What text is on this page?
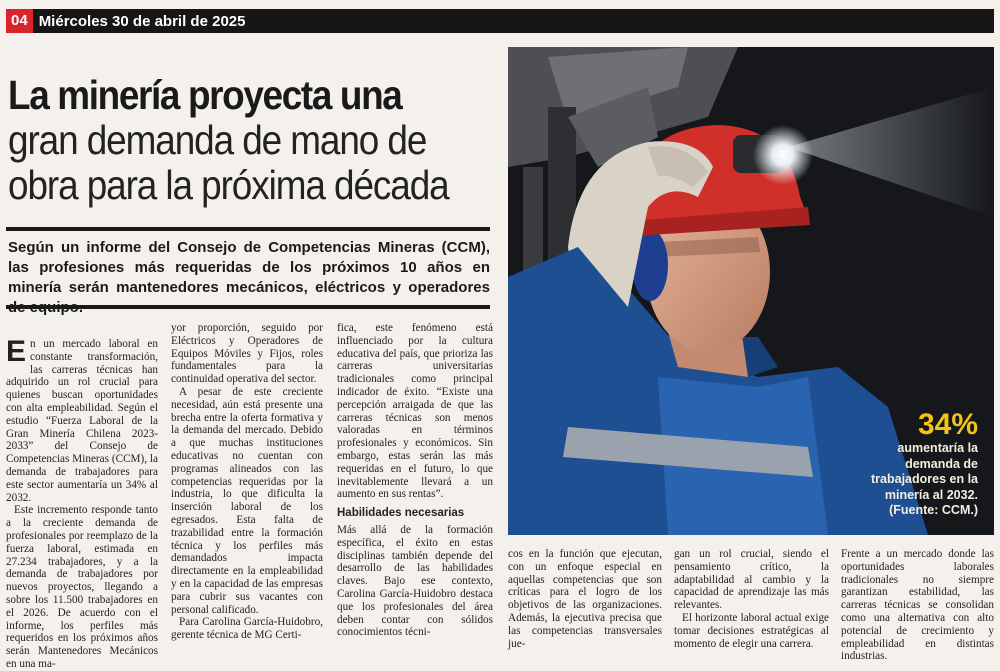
04 Miércoles 30 de abril de 2025
La minería proyecta una
gran demanda de mano de
obra para la próxima década
Según un informe del Consejo de Competencias Mineras (CCM), las profesiones más requeridas de los próximos 10 años en minería serán mantenedores mecánicos, eléctricos y operadores

En un mercado laboral en constante transformación, las carreras técnicas han adquirido un rol crucial para quienes buscan oportunidades con alta empleabilidad. Según el estudio “Fuerza Laboral de la Gran Minería Chilena 2023-2033” del Consejo de Competencias Mineras (CCM), la demanda de trabajadores para este sector aumentaría un 34% al 2032.

Este incremento responde tanto a la creciente demanda de profesionales por reemplazo de la fuerza laboral, estimada en 27.234 trabajadores, y a la demanda de trabajadores por nuevos proyectos, llegando a sobre los 11.500 trabajadores en el 2026. De acuerdo con el informe, los perfiles más requeridos en los próximos años serán Mantenedores Mecánicos en una ma-

yor proporción, seguido por Eléctricos y Operadores de Equipos Móviles y Fijos, roles fundamentales para la continuidad operativa del sector.

A pesar de este creciente necesidad, aún está presente una brecha entre la oferta formativa y la demanda del mercado. Debido a que muchas instituciones educativas no cuentan con programas alineados con las competencias requeridas por la industria, lo que dificulta la inserción laboral de los egresados. Esta falta de trazabilidad entre la formación técnica y los perfiles más demandados impacta directamente en la empleabilidad y en la capacidad de las empresas para cubrir sus vacantes con personal calificado.

Para Carolina García-Huidobro, gerente técnica de MG Certi-

fica, este fenómeno está influenciado por la cultura educativa del país, que prioriza las carreras universitarias tradicionales como principal indicador de éxito. “Existe una percepción arraigada de que las carreras técnicas son menos valoradas en términos profesionales y económicos. Sin embargo, estas serán las más requeridas en el futuro, lo que inevitablemente llevará a un aumento en sus rentas”.

Habilidades necesarias

Más allá de la formación específica, el éxito en estas disciplinas también depende del desarrollo de las habilidades claves. Bajo ese contexto, Carolina García-Huidobro destaca que los profesionales del área deben contar con sólidos conocimientos técni-

34%
aumentaría la
demanda de
trabajadores en la
minería al 2032.
(Fuente: CCM.)

cos en la función que ejecutan, con un enfoque especial en aquellas competencias que son críticas para el logro de los objetivos de las organizaciones. Además, la ejecutiva precisa que las competencias transversales jue-

gan un rol crucial, siendo el pensamiento crítico, la adaptabilidad al cambio y la capacidad de aprendizaje las más relevantes.

El horizonte laboral actual exige tomar decisiones estratégicas al momento de elegir una carrera.

Frente a un mercado donde las oportunidades laborales tradicionales no siempre garantizan estabilidad, las carreras técnicas se consolidan como una alternativa con alto potencial de crecimiento y empleabilidad en distintas industrias.
